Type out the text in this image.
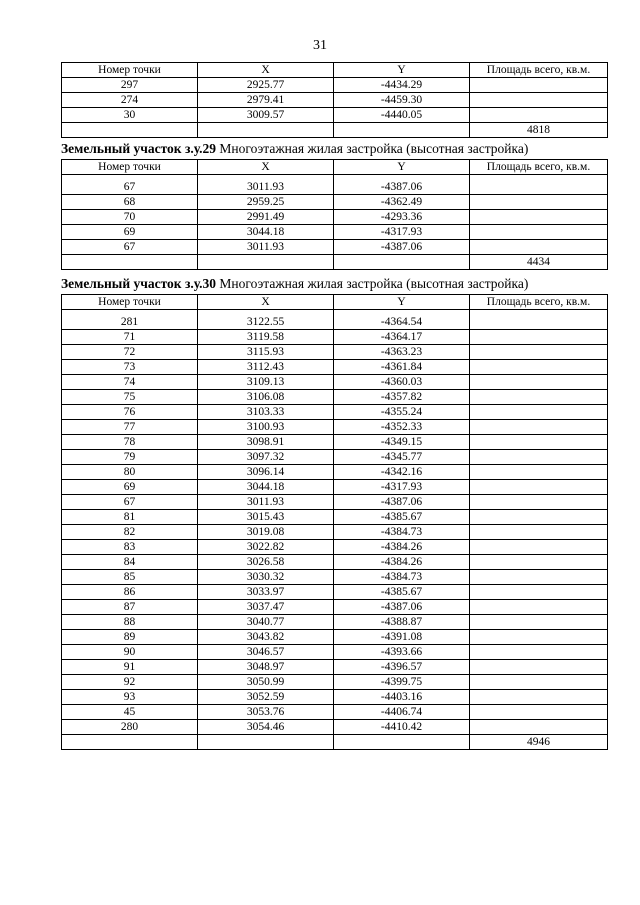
31
Номер точки	X	Y	Площадь всего, кв.м.
297	2925.77	-4434.29	
274	2979.41	-4459.30	
30	3009.57	-4440.05	
			4818
Земельный участок з.у.29 Многоэтажная жилая застройка (высотная застройка)
Номер точки	X	Y	Площадь всего, кв.м.

67	3011.93	-4387.06	
68	2959.25	-4362.49	
70	2991.49	-4293.36	
69	3044.18	-4317.93	
67	3011.93	-4387.06	
			4434
Земельный участок з.у.30 Многоэтажная жилая застройка (высотная застройка)
Номер точки	X	Y	Площадь всего, кв.м.

281	3122.55	-4364.54	
71	3119.58	-4364.17	
72	3115.93	-4363.23	
73	3112.43	-4361.84	
74	3109.13	-4360.03	
75	3106.08	-4357.82	
76	3103.33	-4355.24	
77	3100.93	-4352.33	
78	3098.91	-4349.15	
79	3097.32	-4345.77	
80	3096.14	-4342.16	
69	3044.18	-4317.93	
67	3011.93	-4387.06	
81	3015.43	-4385.67	
82	3019.08	-4384.73	
83	3022.82	-4384.26	
84	3026.58	-4384.26	
85	3030.32	-4384.73	
86	3033.97	-4385.67	
87	3037.47	-4387.06	
88	3040.77	-4388.87	
89	3043.82	-4391.08	
90	3046.57	-4393.66	
91	3048.97	-4396.57	
92	3050.99	-4399.75	
93	3052.59	-4403.16	
45	3053.76	-4406.74	
280	3054.46	-4410.42	
			4946
